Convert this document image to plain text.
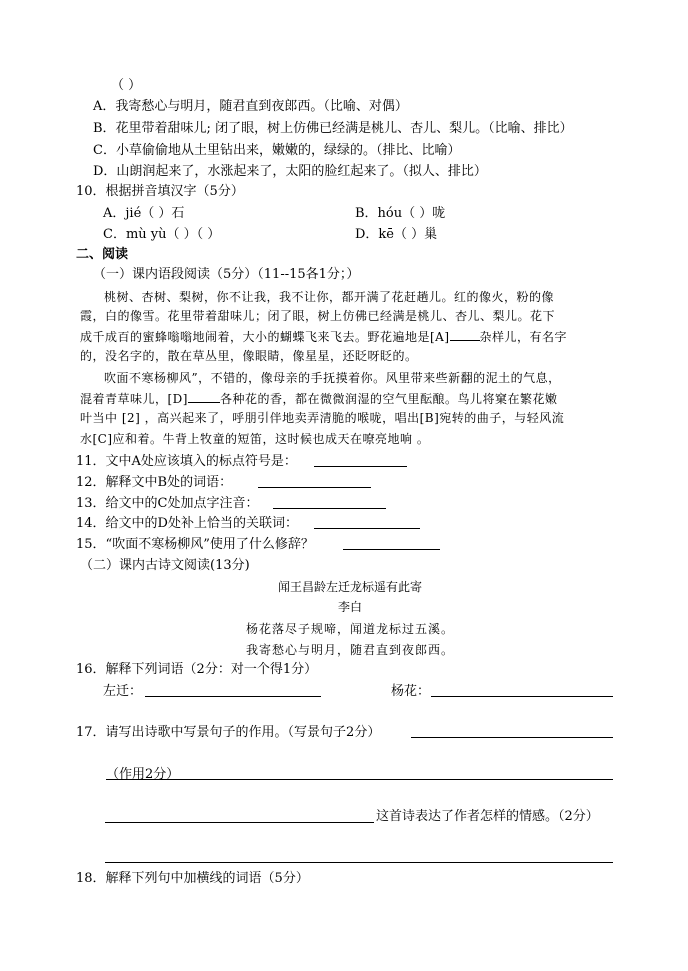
（ ）
A．我寄愁心与明月，随君直到夜郎西。（比喻、对偶）
B．花里带着甜味儿; 闭了眼，树上仿佛已经满是桃儿、杏儿、梨儿。（比喻、排比）
C．小草偷偷地从土里钻出来，嫩嫩的，绿绿的。（排比、比喻）
D．山朗润起来了，水涨起来了，太阳的脸红起来了。（拟人、排比）
10．根据拼音填汉字（5分）
A．jié（ ）石	B．hóu（ ）咙
C．mù yù（ ）（ ）	D．kē（ ）巢
二、阅读
（一）课内语段阅读（5分）（11--15各1分；）
桃树、杏树、梨树，你不让我，我不让你，都开满了花赶趟儿。红的像火，粉的像
霞，白的像雪。花里带着甜味儿；闭了眼，树上仿佛已经满是桃儿、杏儿、梨儿。花下
成千成百的蜜蜂嗡嗡地闹着，大小的蝴蝶飞来飞去。野花遍地是[A]	杂样儿，有名字
的，没名字的，散在草丛里，像眼睛，像星星，还眨呀眨的。
吹面不寒杨柳风”，不错的，像母亲的手抚摸着你。风里带来些新翻的泥土的气息，
混着青草味儿，[D]	各种花的香，都在微微润湿的空气里酝酿。鸟儿将窠在繁花嫩
叶当中 [2] ，高兴起来了，呼朋引伴地卖弄清脆的喉咙，唱出[B]宛转的曲子，与轻风流
水[C]应和着。牛背上牧童的短笛，这时候也成天在嘹亮地响 。
11．文中A处应该填入的标点符号是：
12．解释文中B处的词语：
13．给文中的C处加点字注音：
14．给文中的D处补上恰当的关联词：
15．“吹面不寒杨柳风”使用了什么修辞？
（二）课内古诗文阅读(13分)
闻王昌龄左迁龙标遥有此寄
李白
杨花落尽子规啼，闻道龙标过五溪。
我寄愁心与明月，随君直到夜郎西。
16．解释下列词语（2分：对一个得1分）
左迁：	杨花：
17．请写出诗歌中写景句子的作用。（写景句子2分）
（作用2分）
这首诗表达了作者怎样的情感。（2分）
18．解释下列句中加横线的词语（5分）
